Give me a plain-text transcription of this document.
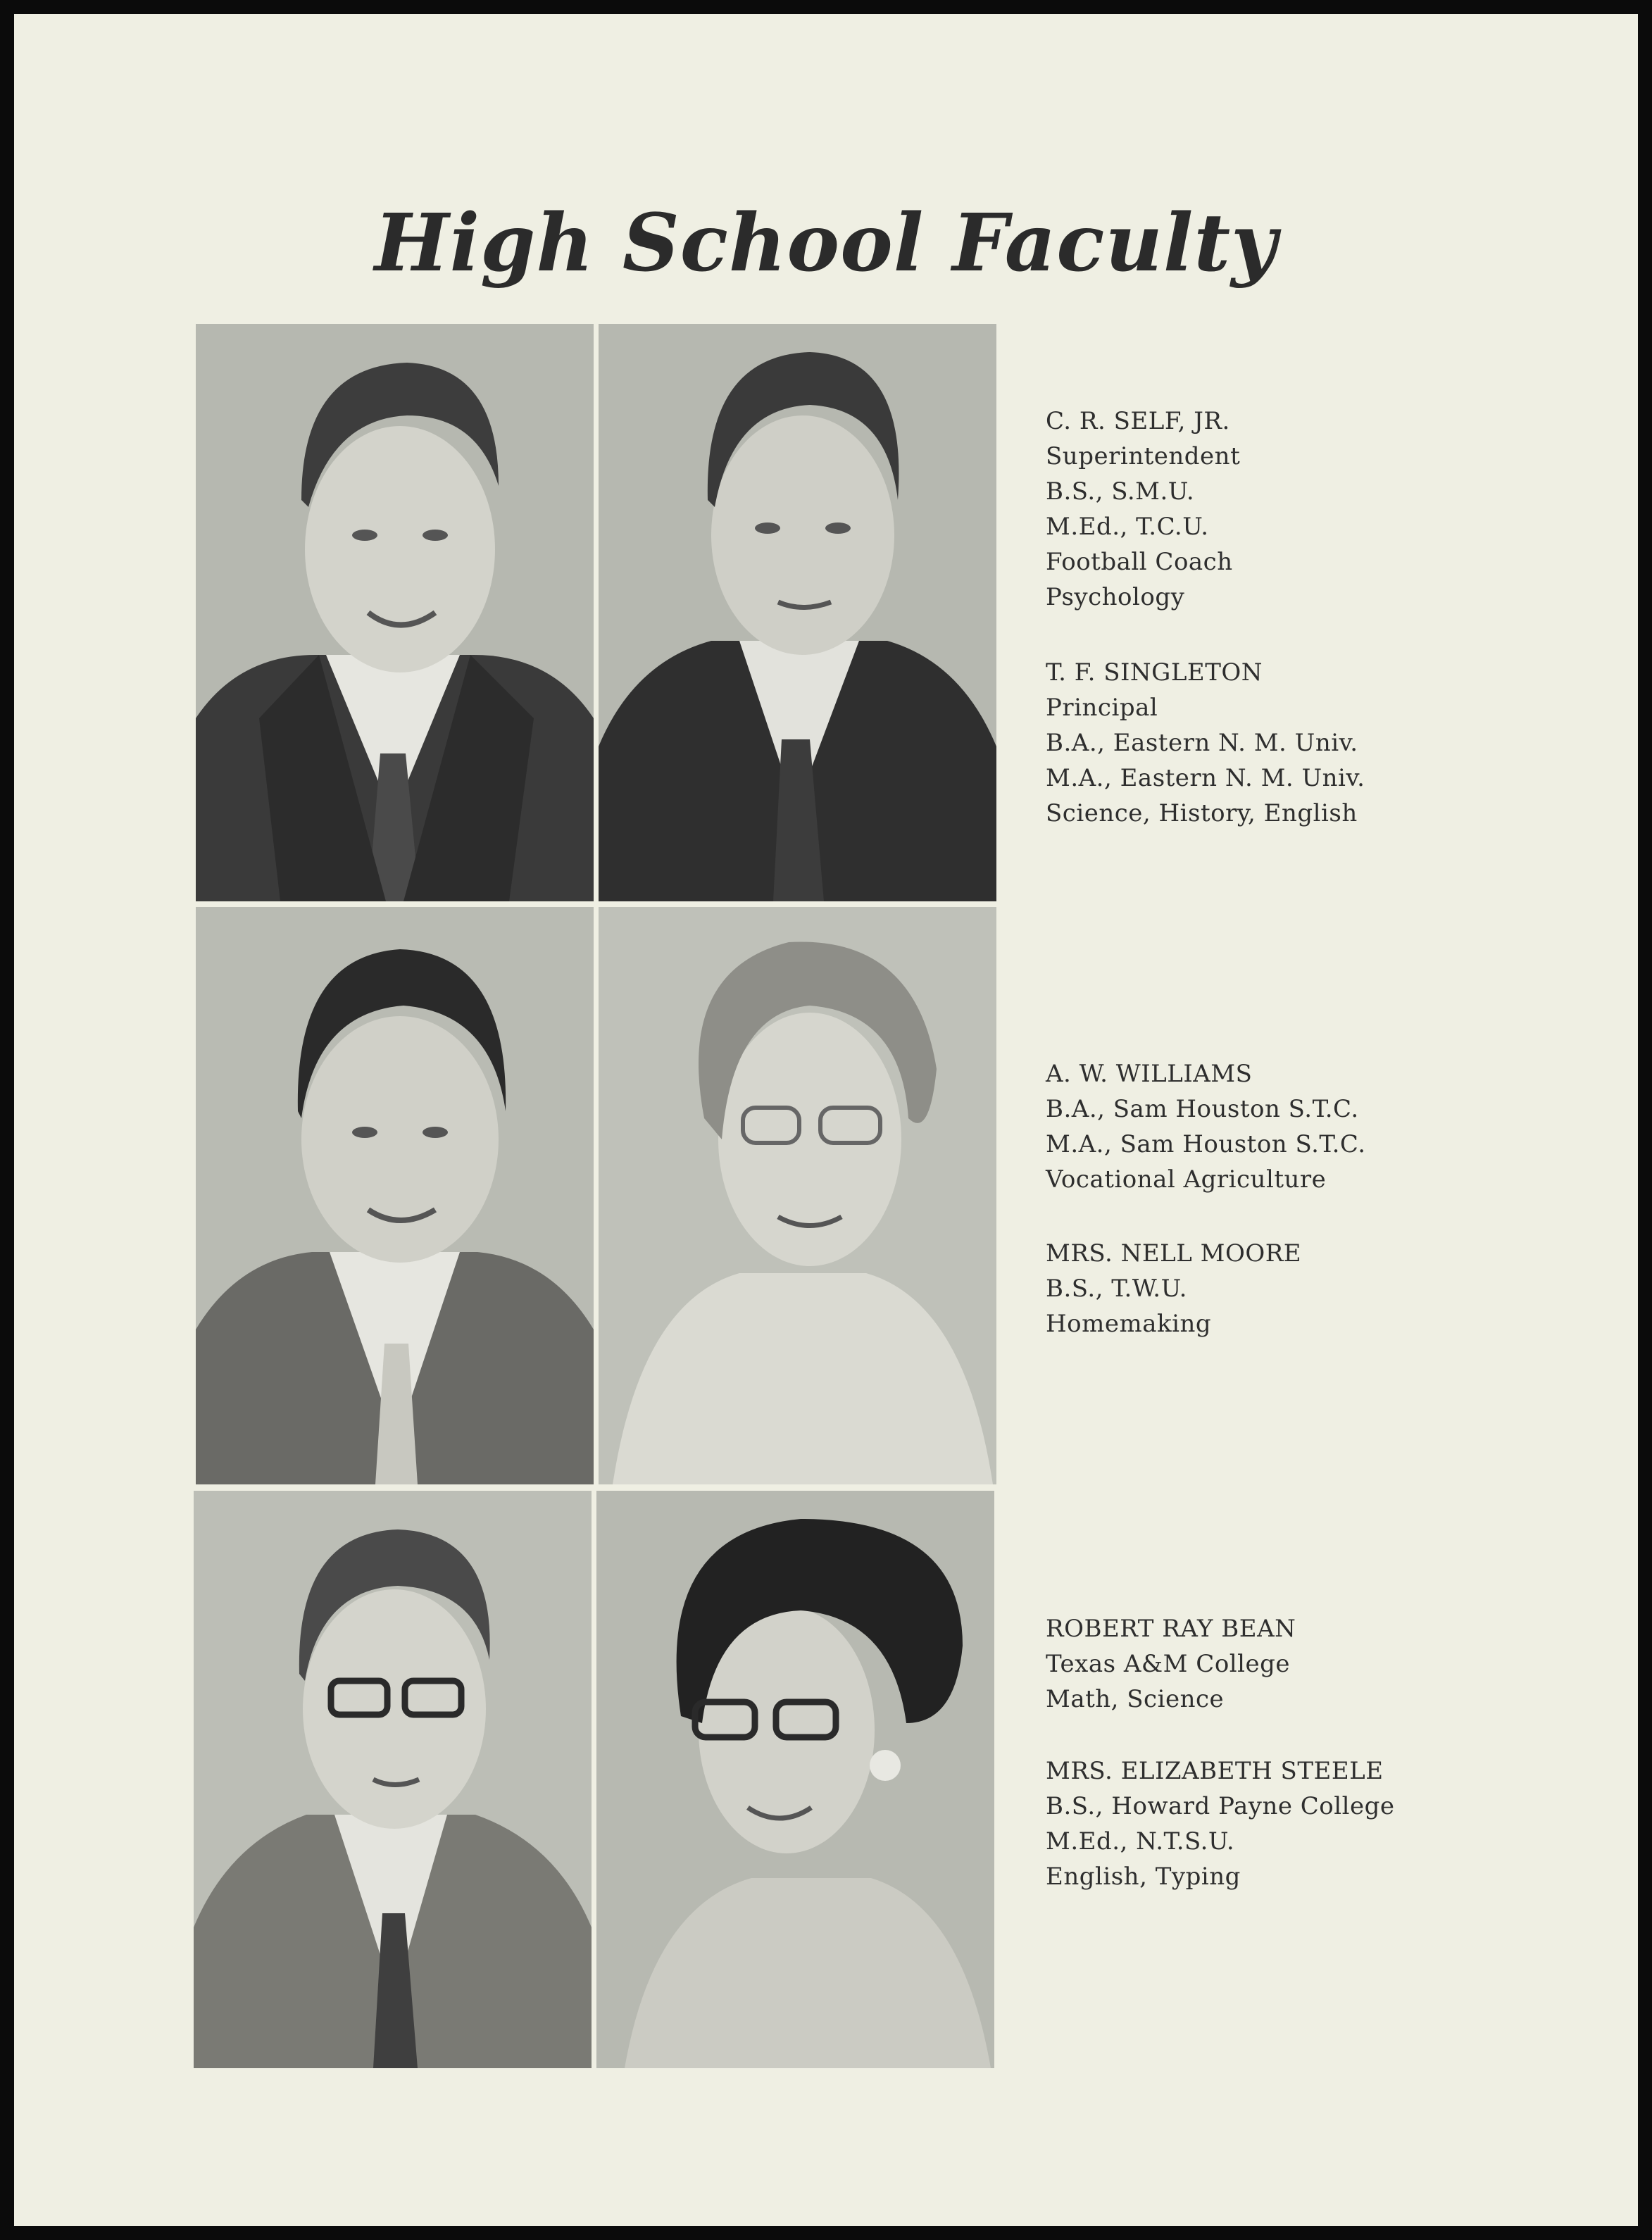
High School Faculty
C. R. SELF, JR.
Superintendent
B.S., S.M.U.
M.Ed., T.C.U.
Football Coach
Psychology
T. F. SINGLETON
Principal
B.A., Eastern N. M. Univ.
M.A., Eastern N. M. Univ.
Science, History, English
A. W. WILLIAMS
B.A., Sam Houston S.T.C.
M.A., Sam Houston S.T.C.
Vocational Agriculture
MRS. NELL MOORE
B.S., T.W.U.
Homemaking
ROBERT RAY BEAN
Texas A&M College
Math, Science
MRS. ELIZABETH STEELE
B.S., Howard Payne College
M.Ed., N.T.S.U.
English, Typing
